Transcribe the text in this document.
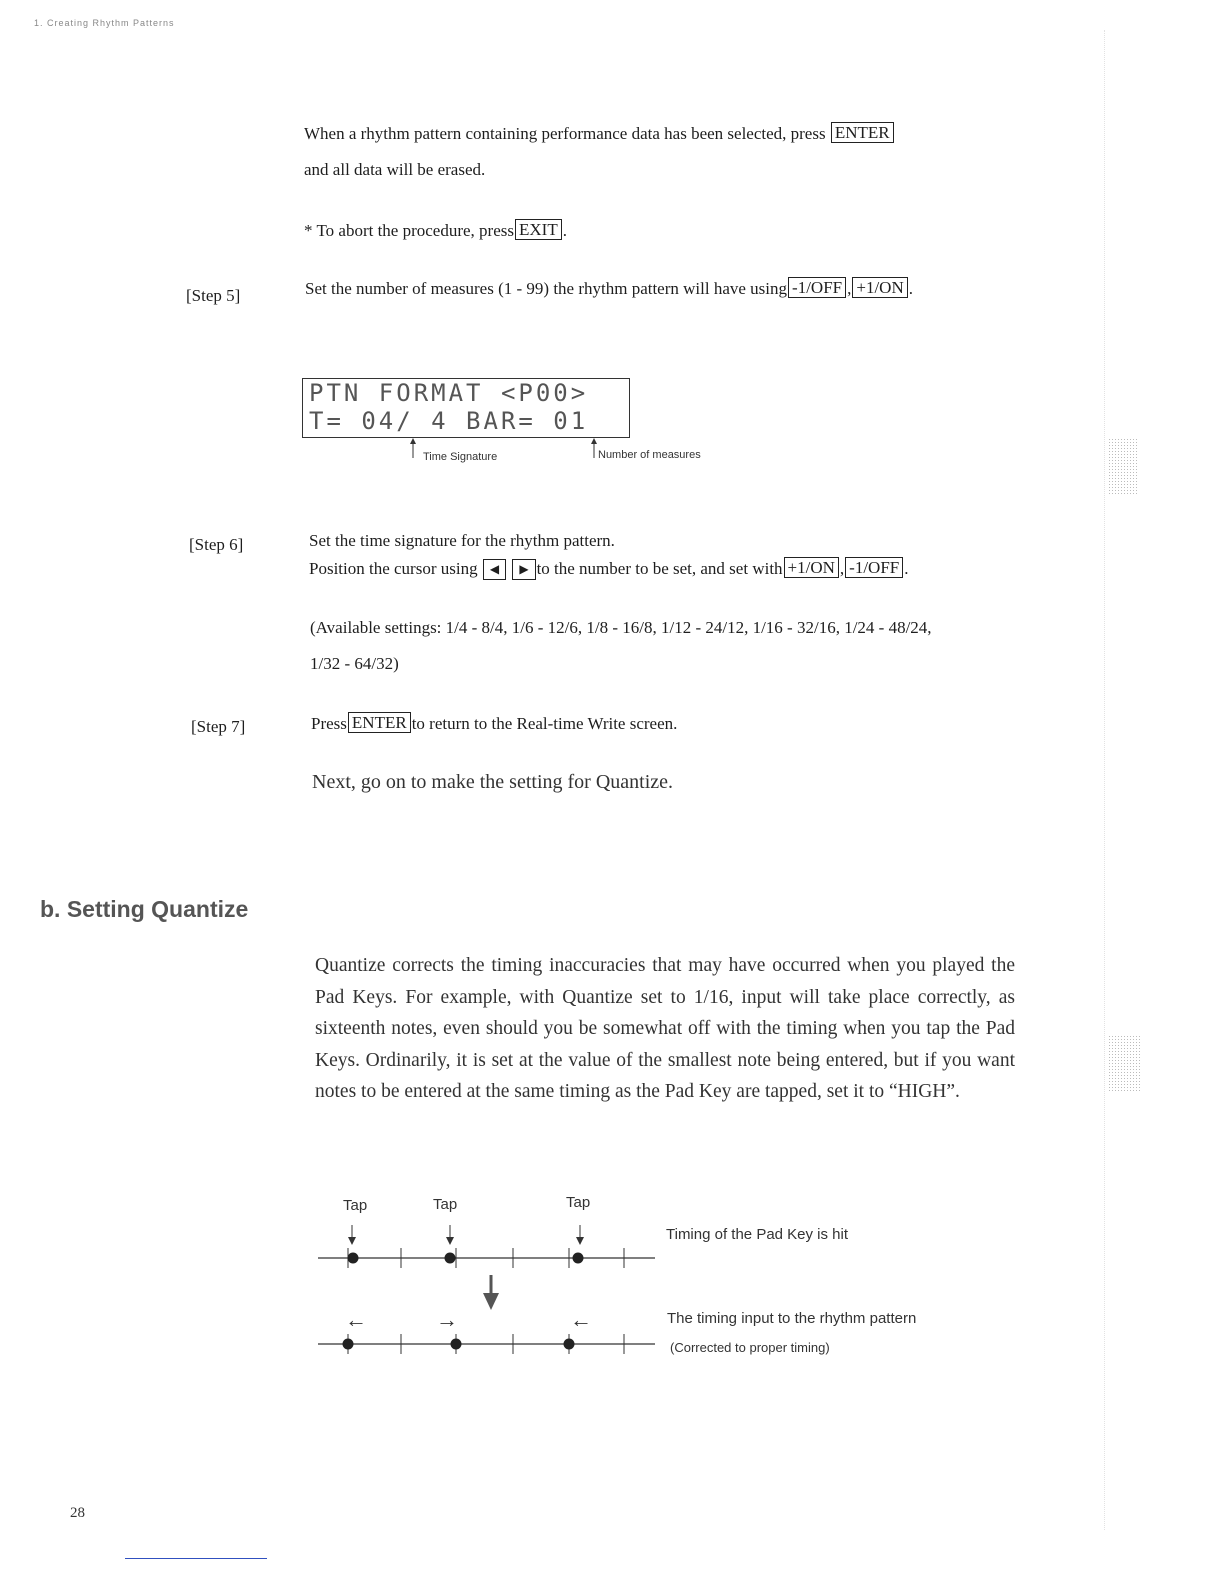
1. Creating Rhythm Patterns
When a rhythm pattern containing performance data has been selected, press ENTER
and all data will be erased.
* To abort the procedure, press EXIT .
[Step 5]	Set the number of measures (1 - 99) the rhythm pattern will have using -1/OFF , +1/ON .
PTN FORMAT <P00>
T= 04/ 4 BAR= 01
Time Signature	Number of measures
[Step 6]	Set the time signature for the rhythm pattern.
Position the cursor using ◀ ▶ to the number to be set, and set with +1/ON , -1/OFF .
(Available settings: 1/4 - 8/4, 1/6 - 12/6, 1/8 - 16/8, 1/12 - 24/12, 1/16 - 32/16, 1/24 - 48/24,
1/32 - 64/32)
[Step 7]	Press ENTER to return to the Real-time Write screen.
Next, go on to make the setting for Quantize.
b. Setting Quantize
Quantize corrects the timing inaccuracies that may have occurred when you played the Pad Keys. For example, with Quantize set to 1/16, input will take place correctly, as sixteenth notes, even should you be somewhat off with the timing when you tap the Pad Keys. Ordinarily, it is set at the value of the smallest note being entered, but if you want notes to be entered at the same timing as the Pad Key are tapped, set it to “HIGH”.
Tap	Tap	Tap
←	→	←
Timing of the Pad Key is hit
The timing input to the rhythm pattern
(Corrected to proper timing)
28
